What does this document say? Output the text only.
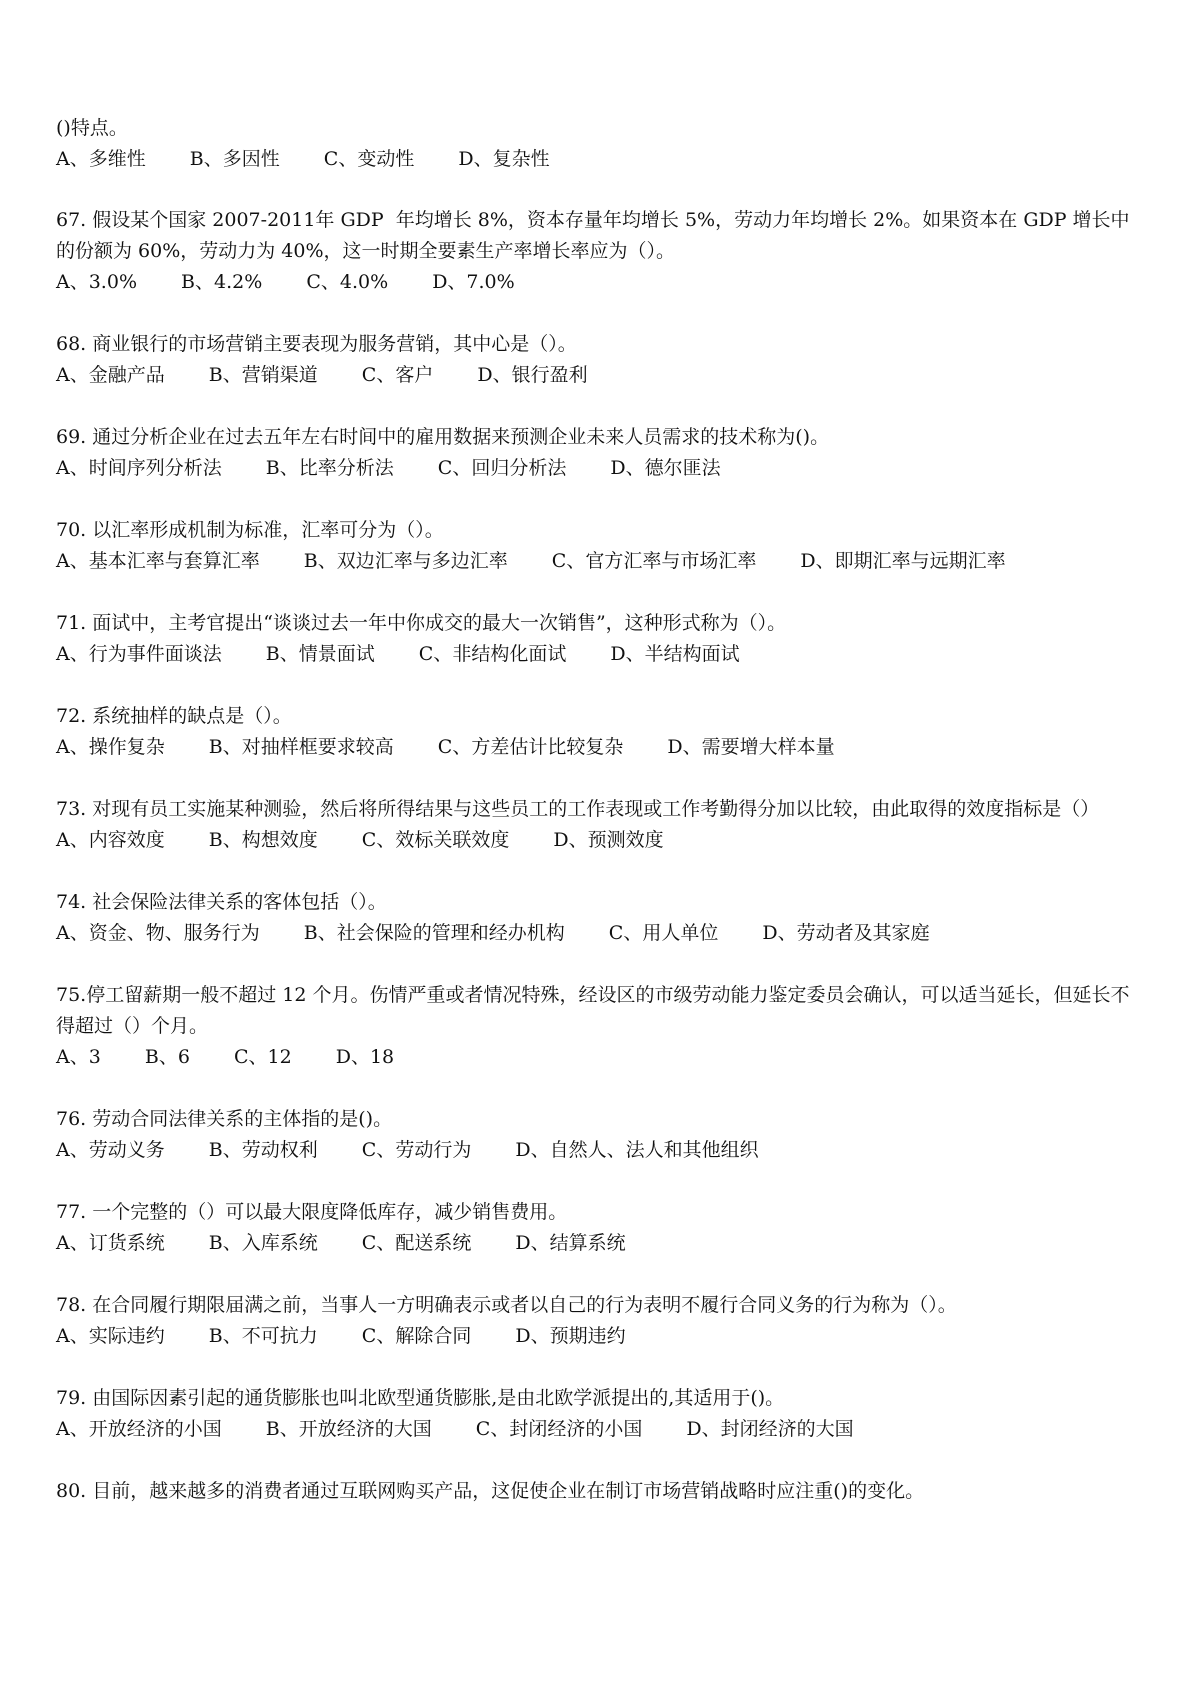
()特点。

A、多维性 B、多因性 C、变动性 D、复杂性

67. 假设某个国家 2007-2011年 GDP  年均增长 8%，资本存量年均增长 5%，劳动力年均增长 2%。如果资本在 GDP 增长中的份额为 60%，劳动力为 40%，这一时期全要素生产率增长率应为（）。

A、3.0% B、4.2% C、4.0% D、7.0%

68. 商业银行的市场营销主要表现为服务营销，其中心是（）。

A、金融产品 B、营销渠道 C、客户 D、银行盈利

69. 通过分析企业在过去五年左右时间中的雇用数据来预测企业未来人员需求的技术称为()。

A、时间序列分析法 B、比率分析法 C、回归分析法 D、德尔匪法

70. 以汇率形成机制为标准，汇率可分为（）。

A、基本汇率与套算汇率 B、双边汇率与多边汇率 C、官方汇率与市场汇率 D、即期汇率与远期汇率

71. 面试中，主考官提出“谈谈过去一年中你成交的最大一次销售”，这种形式称为（）。

A、行为事件面谈法 B、情景面试 C、非结构化面试 D、半结构面试

72. 系统抽样的缺点是（）。

A、操作复杂 B、对抽样框要求较高 C、方差估计比较复杂 D、需要增大样本量

73. 对现有员工实施某种测验，然后将所得结果与这些员工的工作表现或工作考勤得分加以比较，由此取得的效度指标是（）

A、内容效度 B、构想效度 C、效标关联效度 D、预测效度

74. 社会保险法律关系的客体包括（）。

A、资金、物、服务行为 B、社会保险的管理和经办机构 C、用人单位 D、劳动者及其家庭

75.停工留薪期一般不超过 12 个月。伤情严重或者情况特殊，经设区的市级劳动能力鉴定委员会确认，可以适当延长，但延长不得超过（）个月。

A、3 B、6 C、12 D、18

76. 劳动合同法律关系的主体指的是()。

A、劳动义务 B、劳动权利 C、劳动行为 D、自然人、法人和其他组织

77. 一个完整的（）可以最大限度降低库存，减少销售费用。

A、订货系统 B、入库系统 C、配送系统 D、结算系统

78. 在合同履行期限届满之前，当事人一方明确表示或者以自己的行为表明不履行合同义务的行为称为（）。

A、实际违约 B、不可抗力 C、解除合同 D、预期违约

79. 由国际因素引起的通货膨胀也叫北欧型通货膨胀,是由北欧学派提出的,其适用于()。

A、开放经济的小国 B、开放经济的大国 C、封闭经济的小国 D、封闭经济的大国

80. 目前，越来越多的消费者通过互联网购买产品，这促使企业在制订市场营销战略时应注重()的变化。
